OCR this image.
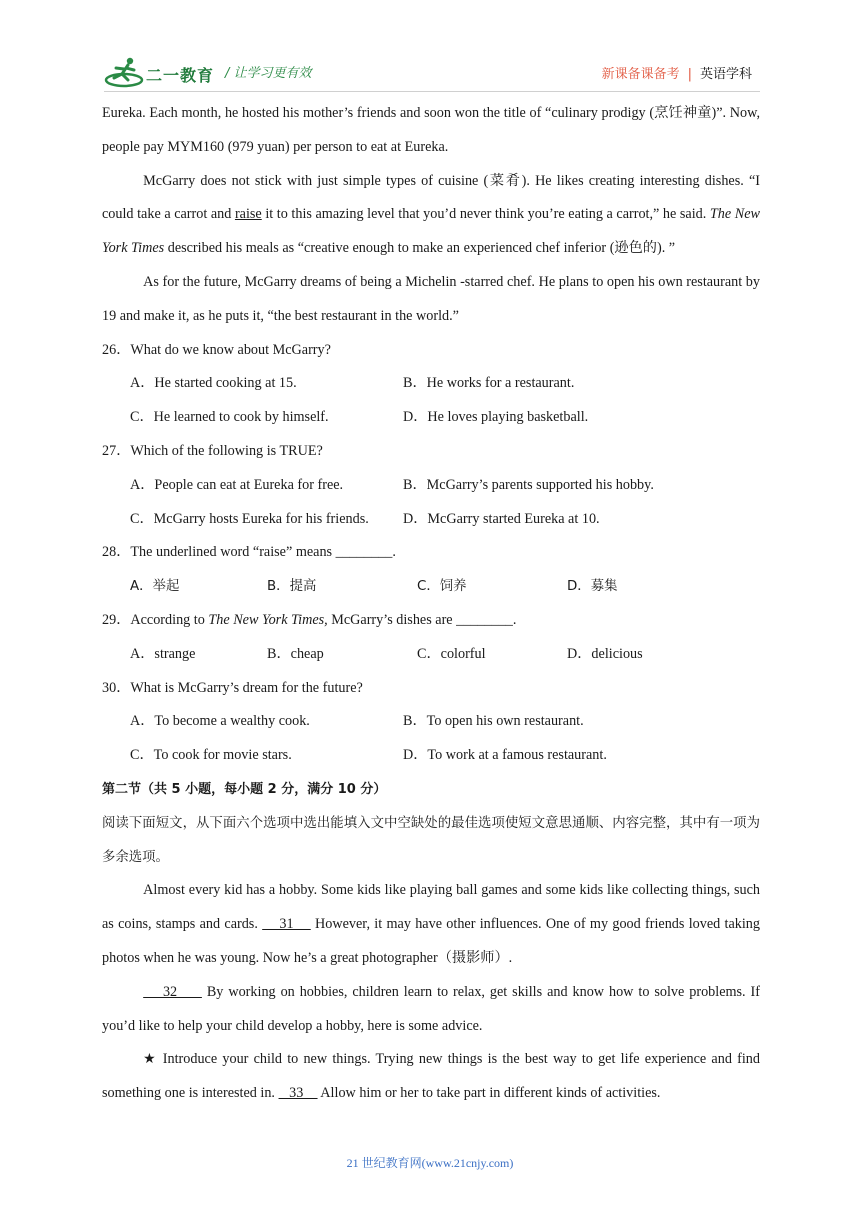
二一教育 / 让学习更有效	新课备课备考 | 英语学科

Eureka. Each month, he hosted his mother’s friends and soon won the title of “culinary prodigy (烹饪神童)”. Now, people pay MYM160 (979 yuan) per person to eat at Eureka.

McGarry does not stick with just simple types of cuisine (菜肴). He likes creating interesting dishes. “I could take a carrot and raise it to this amazing level that you’d never think you’re eating a carrot,” he said. The New York Times described his meals as “creative enough to make an experienced chef inferior (逊色的). ”

As for the future, McGarry dreams of being a Michelin -starred chef. He plans to open his own restaurant by 19 and make it, as he puts it, “the best restaurant in the world.”

26．What do we know about McGarry?
A．He started cooking at 15.	B．He works for a restaurant.
C．He learned to cook by himself.	D．He loves playing basketball.
27．Which of the following is TRUE?
A．People can eat at Eureka for free.	B．McGarry’s parents supported his hobby.
C．McGarry hosts Eureka for his friends.	D．McGarry started Eureka at 10.
28．The underlined word “raise” means ________.
A．举起	B．提高	C．饲养	D．募集
29．According to The New York Times, McGarry’s dishes are ________.
A．strange	B．cheap	C．colorful	D．delicious
30．What is McGarry’s dream for the future?
A．To become a wealthy cook.	B．To open his own restaurant.
C．To cook for movie stars.	D．To work at a famous restaurant.
第二节（共 5 小题，每小题 2 分，满分 10 分）

阅读下面短文，从下面六个选项中选出能填入文中空缺处的最佳选项使短文意思通顺、内容完整，其中有一项为多余选项。

Almost every kid has a hobby. Some kids like playing ball games and some kids like collecting things, such as coins, stamps and cards.     31     However, it may have other influences. One of my good friends loved taking photos when he was young. Now he’s a great photographer（摄影师）.

32      By working on hobbies, children learn to relax, get skills and know how to solve problems. If you’d like to help your child develop a hobby, here is some advice.

★ Introduce your child to new things. Trying new things is the best way to get life experience and find something one is interested in.    33     Allow him or her to take part in different kinds of activities.

21 世纪教育网(www.21cnjy.com)
